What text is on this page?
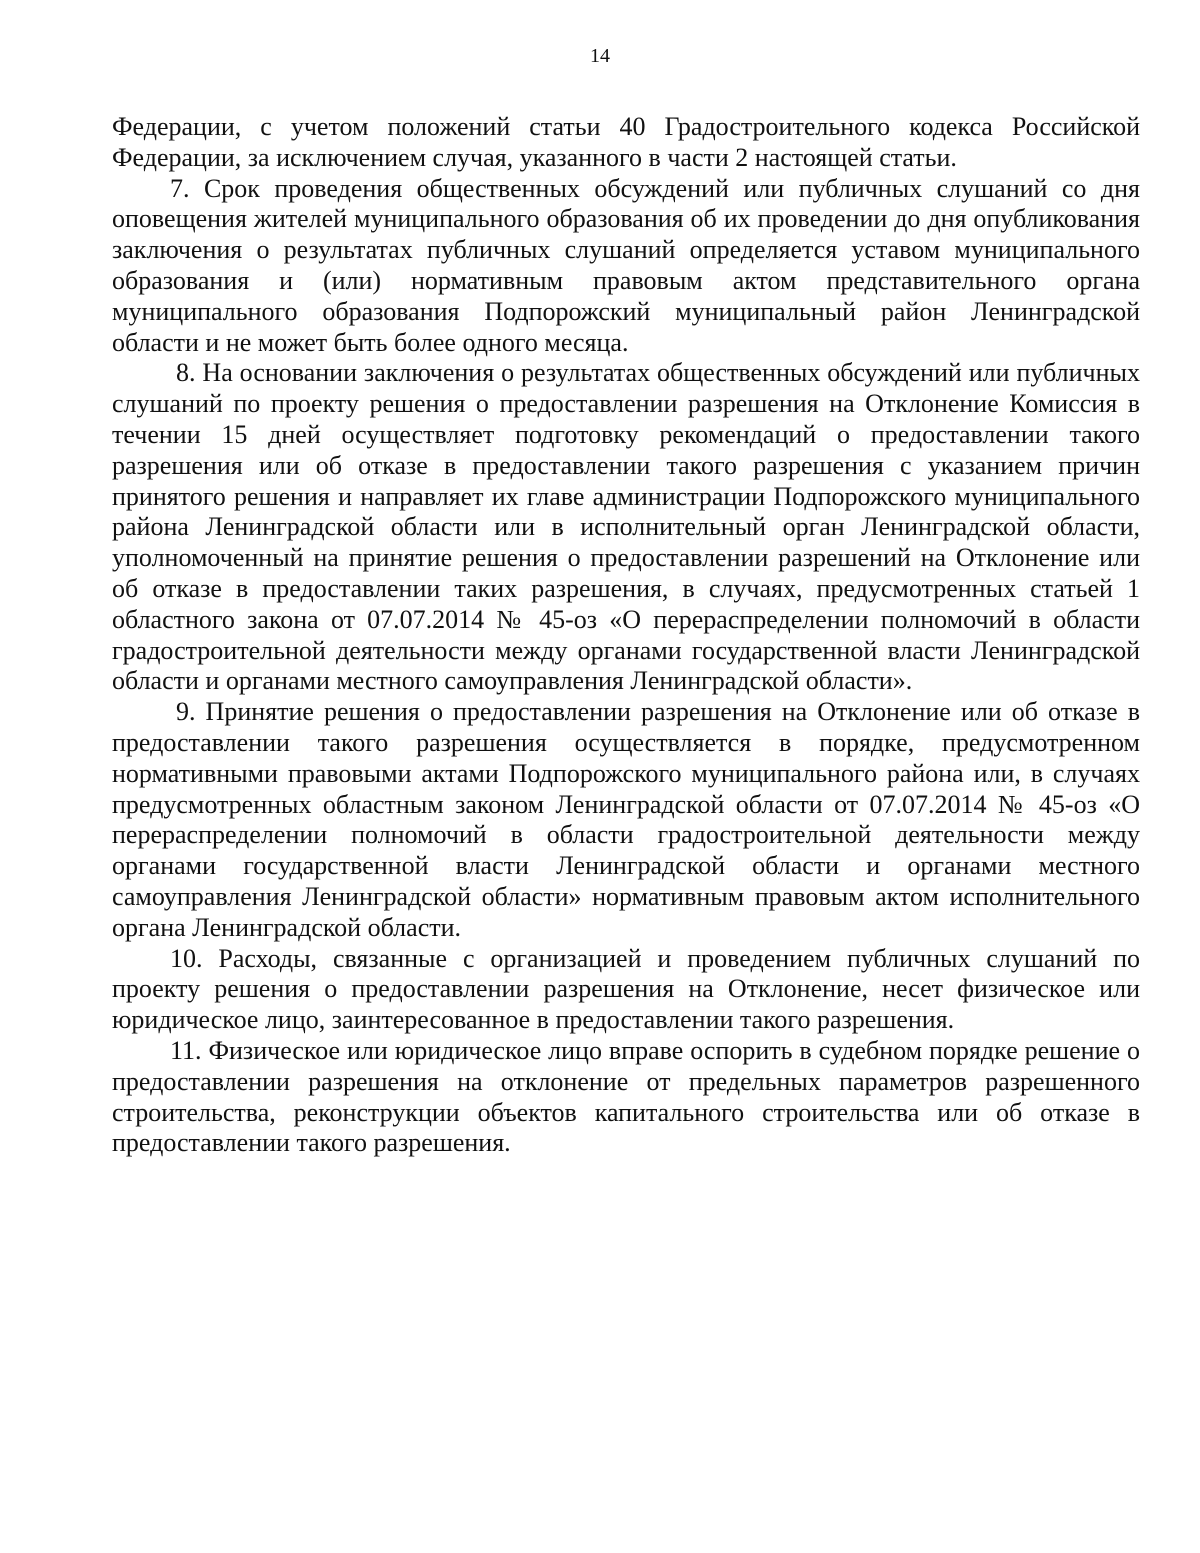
14

Федерации, с учетом положений статьи 40 Градостроительного кодекса Российской Федерации, за исключением случая, указанного в части 2 настоящей статьи.

7. Срок проведения общественных обсуждений или публичных слушаний со дня оповещения жителей муниципального образования об их проведении до дня опубликования заключения о результатах публичных слушаний определяется уставом муниципального образования и (или) нормативным правовым актом представительного органа муниципального образования Подпорожский муниципальный район Ленинградской области и не может быть более одного месяца.

8. На основании заключения о результатах общественных обсуждений или публичных слушаний по проекту решения о предоставлении разрешения на Отклонение Комиссия в течении 15 дней осуществляет подготовку рекомендаций о предоставлении такого разрешения или об отказе в предоставлении такого разрешения с указанием причин принятого решения и направляет их главе администрации Подпорожского муниципального района Ленинградской области или в исполнительный орган Ленинградской области, уполномоченный на принятие решения о предоставлении разрешений на Отклонение или об отказе в предоставлении таких разрешения, в случаях, предусмотренных статьей 1 областного закона от 07.07.2014 № 45-оз «О перераспределении полномочий в области градостроительной деятельности между органами государственной власти Ленинградской области и органами местного самоуправления Ленинградской области».

9. Принятие решения о предоставлении разрешения на Отклонение или об отказе в предоставлении такого разрешения осуществляется в порядке, предусмотренном нормативными правовыми актами Подпорожского муниципального района или, в случаях предусмотренных областным законом Ленинградской области от 07.07.2014 № 45-оз «О перераспределении полномочий в области градостроительной деятельности между органами государственной власти Ленинградской области и органами местного самоуправления Ленинградской области» нормативным правовым актом исполнительного органа Ленинградской области.

10. Расходы, связанные с организацией и проведением публичных слушаний по проекту решения о предоставлении разрешения на Отклонение, несет физическое или юридическое лицо, заинтересованное в предоставлении такого разрешения.

11. Физическое или юридическое лицо вправе оспорить в судебном порядке решение о предоставлении разрешения на отклонение от предельных параметров разрешенного строительства, реконструкции объектов капитального строительства или об отказе в предоставлении такого разрешения.
